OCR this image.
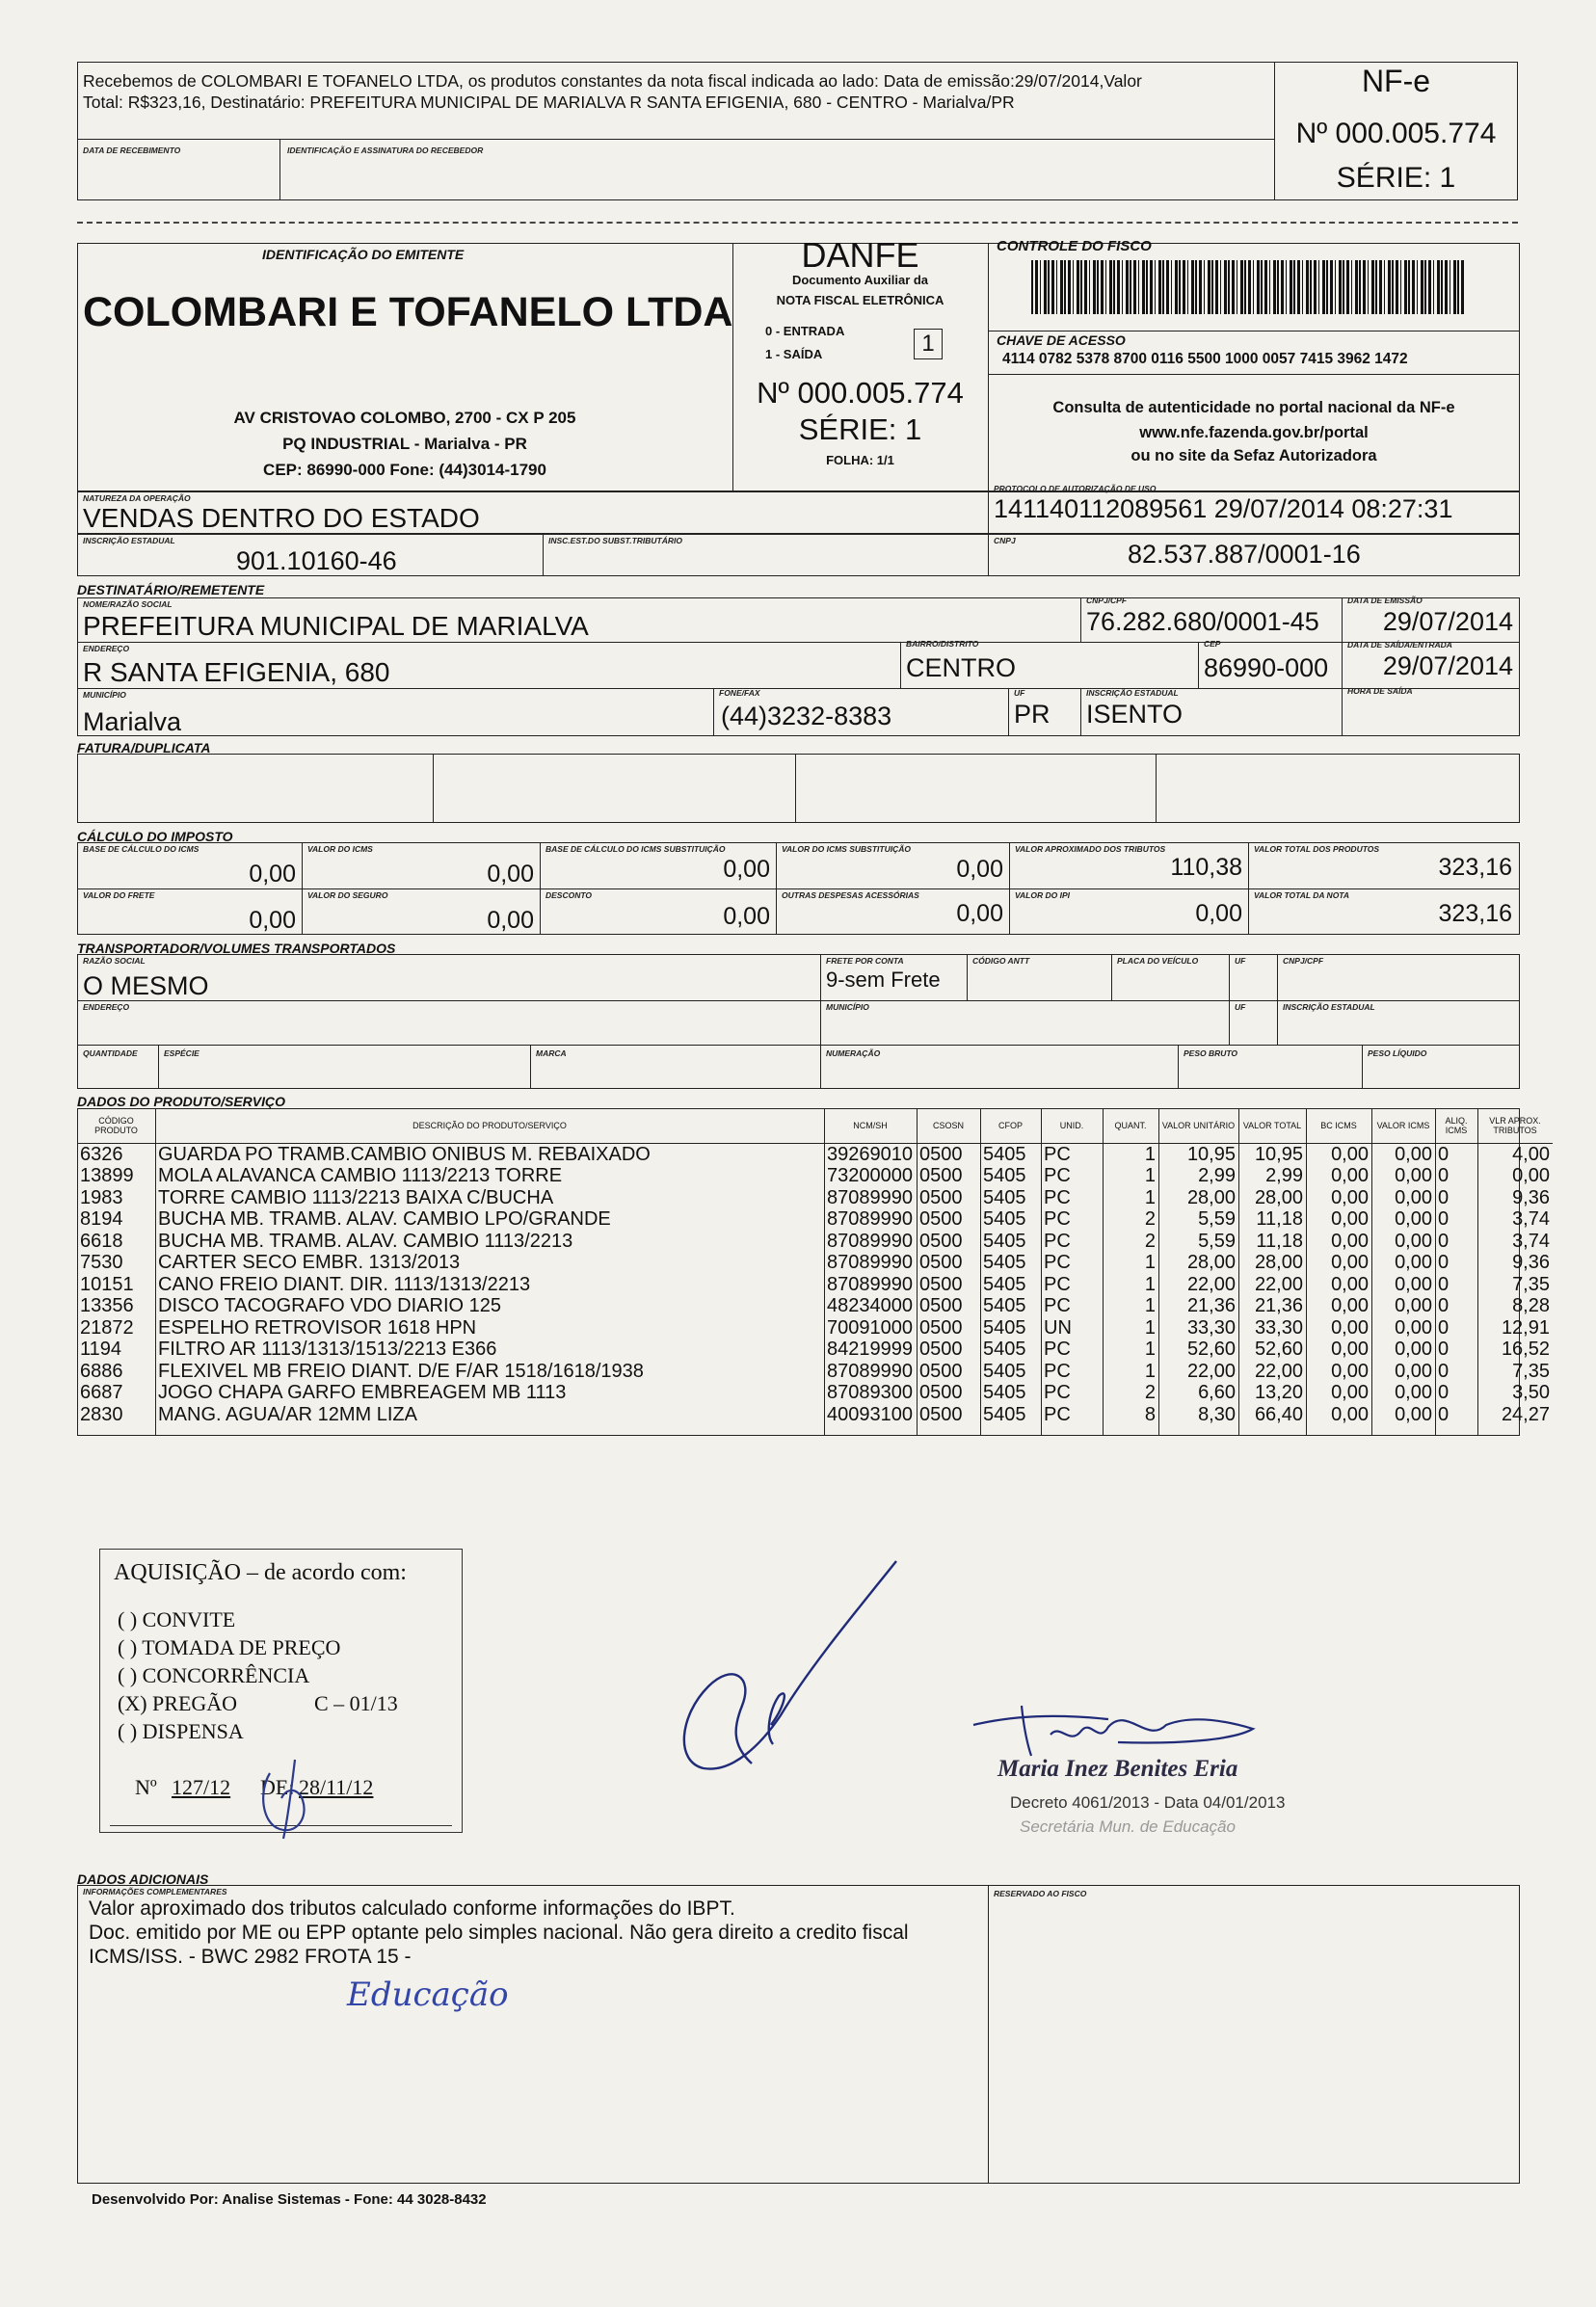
Recebemos de COLOMBARI E TOFANELO LTDA, os produtos constantes da nota fiscal indicada ao lado: Data de emissão:29/07/2014,Valor
Total: R$323,16, Destinatário: PREFEITURA MUNICIPAL DE MARIALVA R SANTA EFIGENIA, 680 - CENTRO - Marialva/PR
DATA DE RECEBIMENTO	IDENTIFICAÇÃO E ASSINATURA DO RECEBEDOR
NF-e
Nº 000.005.774
SÉRIE: 1
IDENTIFICAÇÃO DO EMITENTE
COLOMBARI E TOFANELO LTDA
AV CRISTOVAO COLOMBO, 2700 - CX P 205
PQ INDUSTRIAL - Marialva - PR
CEP: 86990-000 Fone: (44)3014-1790
DANFE
Documento Auxiliar da
NOTA FISCAL ELETRÔNICA
0 - ENTRADA
1 - SAÍDA	1
Nº 000.005.774
SÉRIE: 1
FOLHA: 1/1
CONTROLE DO FISCO
CHAVE DE ACESSO
4114 0782 5378 8700 0116 5500 1000 0057 7415 3962 1472
Consulta de autenticidade no portal nacional da NF-e
www.nfe.fazenda.gov.br/portal
ou no site da Sefaz Autorizadora
NATUREZA DA OPERAÇÃO
VENDAS DENTRO DO ESTADO
PROTOCOLO DE AUTORIZAÇÃO DE USO
141140112089561 29/07/2014 08:27:31
INSCRIÇÃO ESTADUAL
901.10160-46
INSC.EST.DO SUBST.TRIBUTÁRIO	CNPJ	82.537.887/0001-16
DESTINATÁRIO/REMETENTE
NOME/RAZÃO SOCIAL
PREFEITURA MUNICIPAL DE MARIALVA
CNPJ/CPF
76.282.680/0001-45
DATA DE EMISSÃO
29/07/2014
ENDEREÇO
R SANTA EFIGENIA, 680
BAIRRO/DISTRITO
CENTRO
CEP
86990-000
DATA DE SAÍDA/ENTRADA
29/07/2014
MUNICÍPIO
Marialva
FONE/FAX
(44)3232-8383
UF
PR
INSCRIÇÃO ESTADUAL
ISENTO
HORA DE SAÍDA
FATURA/DUPLICATA
CÁLCULO DO IMPOSTO
BASE DE CÁLCULO DO ICMS
0,00
VALOR DO ICMS
0,00
BASE DE CÁLCULO DO ICMS SUBSTITUIÇÃO
0,00
VALOR DO ICMS SUBSTITUIÇÃO
0,00
VALOR APROXIMADO DOS TRIBUTOS
110,38
VALOR TOTAL DOS PRODUTOS
323,16
VALOR DO FRETE
0,00
VALOR DO SEGURO
0,00
DESCONTO
0,00
OUTRAS DESPESAS ACESSÓRIAS
0,00
VALOR DO IPI
0,00
VALOR TOTAL DA NOTA
323,16
TRANSPORTADOR/VOLUMES TRANSPORTADOS
RAZÃO SOCIAL
O MESMO
FRETE POR CONTA
9-sem Frete
CÓDIGO ANTT	PLACA DO VEÍCULO	UF	CNPJ/CPF
ENDEREÇO	MUNICÍPIO	UF	INSCRIÇÃO ESTADUAL
QUANTIDADE	ESPÉCIE	MARCA	NUMERAÇÃO	PESO BRUTO	PESO LÍQUIDO
DADOS DO PRODUTO/SERVIÇO
CÓDIGO PRODUTO	DESCRIÇÃO DO PRODUTO/SERVIÇO	NCM/SH	CSOSN	CFOP	UNID.	QUANT.	VALOR UNITÁRIO	VALOR TOTAL	BC ICMS	VALOR ICMS	ALIQ. ICMS	VLR APROX. TRIBUTOS
6326	GUARDA PO TRAMB.CAMBIO ONIBUS M. REBAIXADO	39269010	0500	5405	PC	1	10,95	10,95	0,00	0,00	0	4,00
13899	MOLA ALAVANCA CAMBIO 1113/2213 TORRE	73200000	0500	5405	PC	1	2,99	2,99	0,00	0,00	0	0,00
1983	TORRE CAMBIO 1113/2213 BAIXA C/BUCHA	87089990	0500	5405	PC	1	28,00	28,00	0,00	0,00	0	9,36
8194	BUCHA MB. TRAMB. ALAV. CAMBIO LPO/GRANDE	87089990	0500	5405	PC	2	5,59	11,18	0,00	0,00	0	3,74
6618	BUCHA MB. TRAMB. ALAV. CAMBIO 1113/2213	87089990	0500	5405	PC	2	5,59	11,18	0,00	0,00	0	3,74
7530	CARTER SECO EMBR. 1313/2013	87089990	0500	5405	PC	1	28,00	28,00	0,00	0,00	0	9,36
10151	CANO FREIO DIANT. DIR. 1113/1313/2213	87089990	0500	5405	PC	1	22,00	22,00	0,00	0,00	0	7,35
13356	DISCO TACOGRAFO VDO DIARIO 125	48234000	0500	5405	PC	1	21,36	21,36	0,00	0,00	0	8,28
21872	ESPELHO RETROVISOR 1618 HPN	70091000	0500	5405	UN	1	33,30	33,30	0,00	0,00	0	12,91
1194	FILTRO AR 1113/1313/1513/2213 E366	84219999	0500	5405	PC	1	52,60	52,60	0,00	0,00	0	16,52
6886	FLEXIVEL MB FREIO DIANT. D/E F/AR 1518/1618/1938	87089990	0500	5405	PC	1	22,00	22,00	0,00	0,00	0	7,35
6687	JOGO CHAPA GARFO EMBREAGEM MB 1113	87089300	0500	5405	PC	2	6,60	13,20	0,00	0,00	0	3,50
2830	MANG. AGUA/AR 12MM LIZA	40093100	0500	5405	PC	8	8,30	66,40	0,00	0,00	0	24,27
AQUISIÇÃO – de acordo com:
( ) CONVITE
( ) TOMADA DE PREÇO
( ) CONCORRÊNCIA
(X) PREGÃO	C – 01/13
( ) DISPENSA
Nº 127/12 DE: 28/11/12
Maria Inez Benites Eria
Decreto 4061/2013 - Data 04/01/2013
Secretária Mun. de Educação
DADOS ADICIONAIS
INFORMAÇÕES COMPLEMENTARES
Valor aproximado dos tributos calculado conforme informações do IBPT.
Doc. emitido por ME ou EPP optante pelo simples nacional. Não gera direito a credito fiscal
ICMS/ISS. - BWC 2982 FROTA 15 -
Educação
RESERVADO AO FISCO
Desenvolvido Por: Analise Sistemas - Fone: 44 3028-8432
